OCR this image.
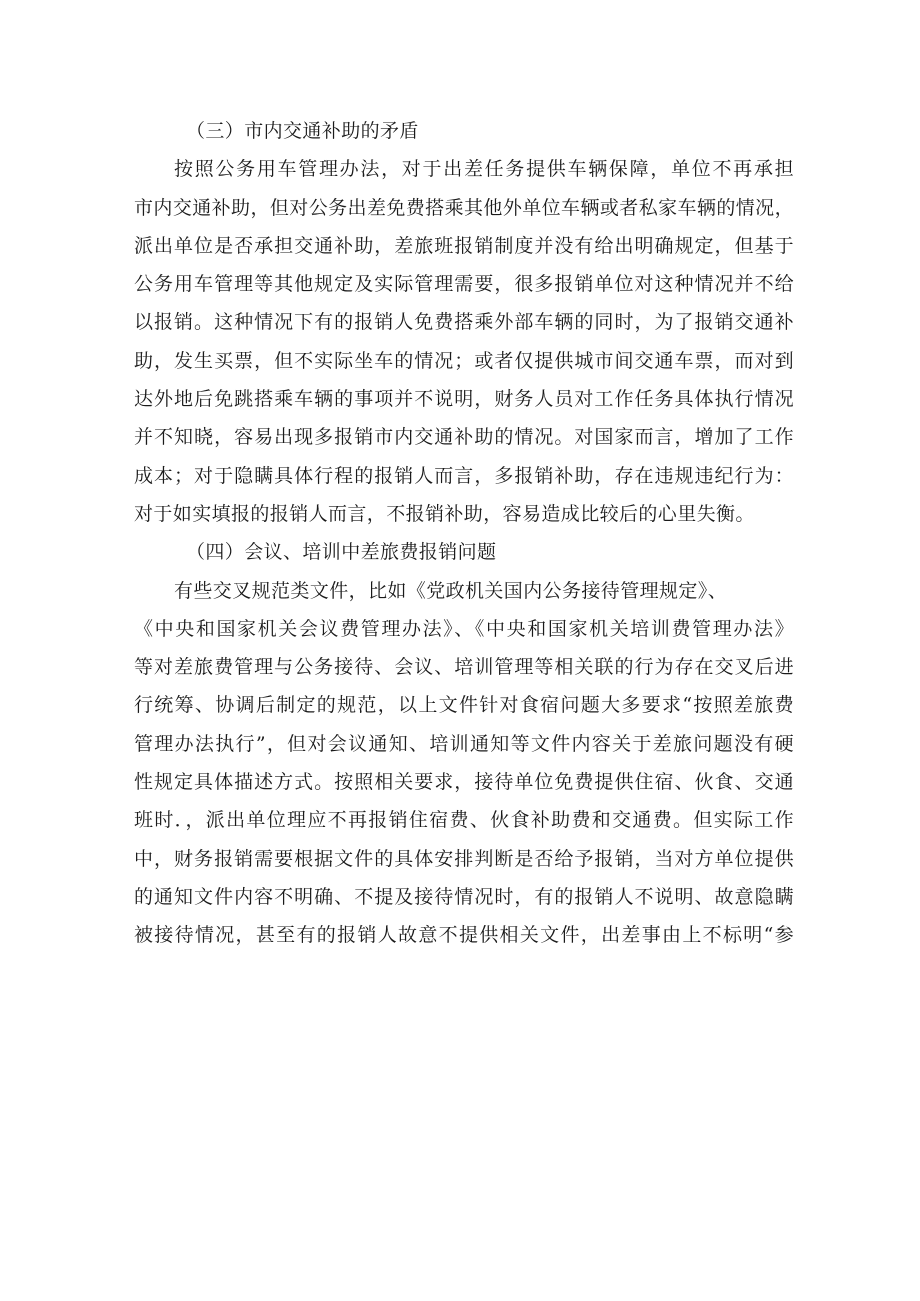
（三）市内交通补助的矛盾
按照公务用车管理办法，对于出差任务提供车辆保障，单位不再承担
市内交通补助，但对公务出差免费搭乘其他外单位车辆或者私家车辆的情况，
派出单位是否承担交通补助，差旅班报销制度并没有给出明确规定，但基于
公务用车管理等其他规定及实际管理需要，很多报销单位对这种情况并不给
以报销。这种情况下有的报销人免费搭乘外部车辆的同时，为了报销交通补
助，发生买票，但不实际坐车的情况；或者仅提供城市间交通车票，而对到
达外地后免跳搭乘车辆的事项并不说明，财务人员对工作任务具体执行情况
并不知晓，容易出现多报销市内交通补助的情况。对国家而言，增加了工作
成本；对于隐瞒具体行程的报销人而言，多报销补助，存在违规违纪行为：
对于如实填报的报销人而言，不报销补助，容易造成比较后的心里失衡。
（四）会议、培训中差旅费报销问题
有些交叉规范类文件，比如《党政机关国内公务接待管理规定》、
《中央和国家机关会议费管理办法》、《中央和国家机关培训费管理办法》
等对差旅费管理与公务接待、会议、培训管理等相关联的行为存在交叉后进
行统筹、协调后制定的规范，以上文件针对食宿问题大多要求“按照差旅费
管理办法执行”，但对会议通知、培训通知等文件内容关于差旅问题没有硬
性规定具体描述方式。按照相关要求，接待单位免费提供住宿、伙食、交通
班时．，派出单位理应不再报销住宿费、伙食补助费和交通费。但实际工作
中，财务报销需要根据文件的具体安排判断是否给予报销，当对方单位提供
的通知文件内容不明确、不提及接待情况时，有的报销人不说明、故意隐瞒
被接待情况，甚至有的报销人故意不提供相关文件，出差事由上不标明“参
